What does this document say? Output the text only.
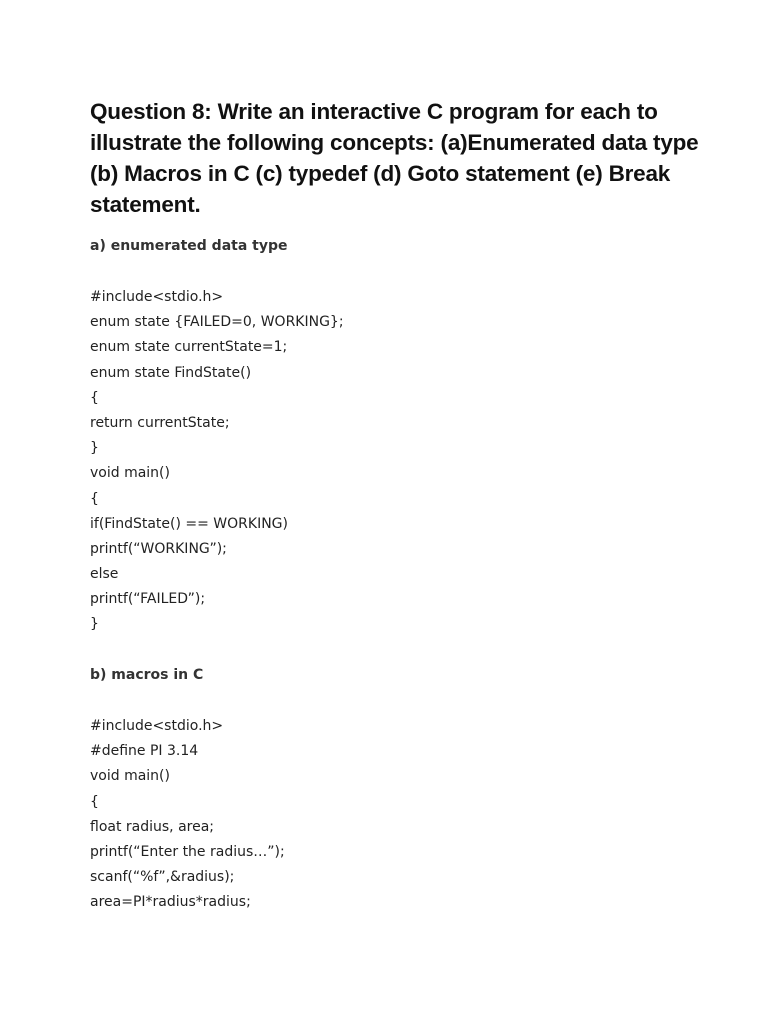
Question 8: Write an interactive C program for each to illustrate the following concepts: (a)Enumerated data type (b) Macros in C (c) typedef (d) Goto statement (e) Break statement.
a) enumerated data type
#include<stdio.h>
enum state {FAILED=0, WORKING};
enum state currentState=1;
enum state FindState()
{
return currentState;
}
void main()
{
if(FindState() == WORKING)
printf(“WORKING”);
else
printf(“FAILED”);
}
b) macros in C
#include<stdio.h>
#define PI 3.14
void main()
{
float radius, area;
printf(“Enter the radius…”);
scanf(“%f”,&radius);
area=PI*radius*radius;
